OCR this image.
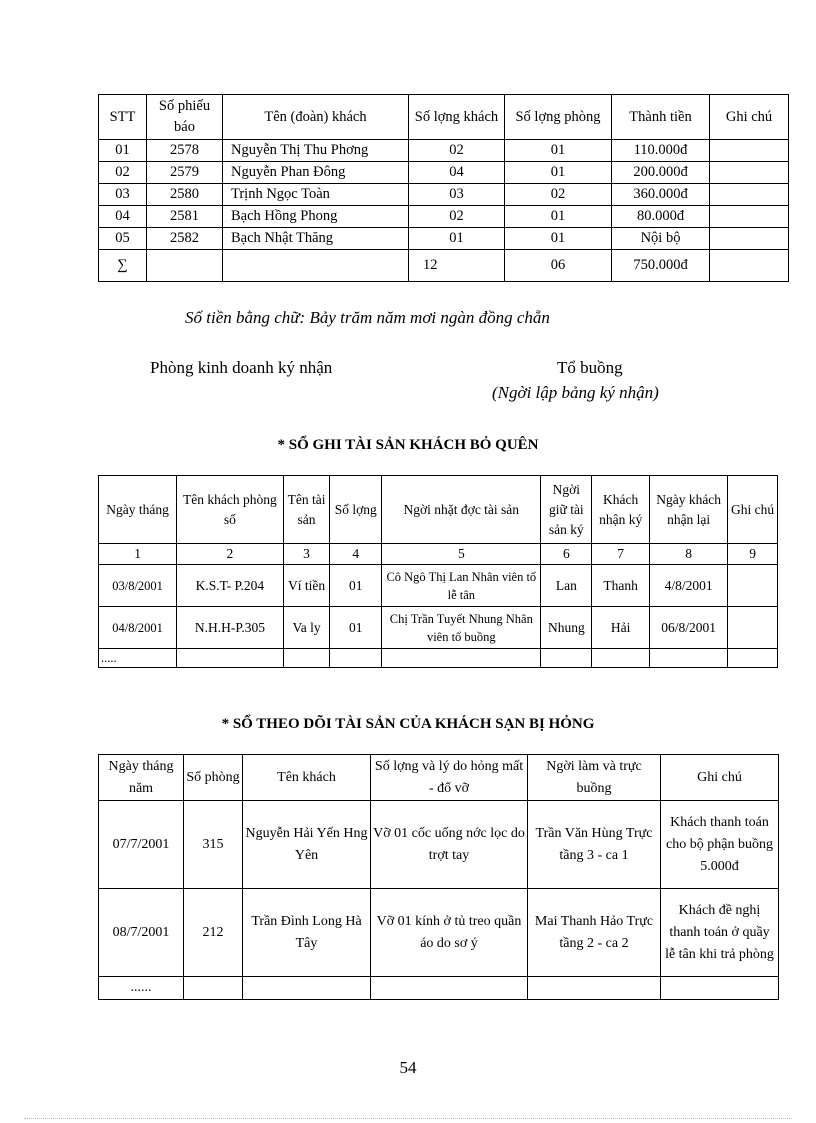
STT	Số phiếu báo	Tên (đoàn) khách	Số lợng khách	Số lợng phòng	Thành tiền	Ghi chú
01	2578	Nguyễn Thị Thu Phơng	02	01	110.000đ	
02	2579	Nguyễn Phan Đông	04	01	200.000đ	
03	2580	Trịnh Ngọc Toàn	03	02	360.000đ	
04	2581	Bạch Hồng Phong	02	01	80.000đ	
05	2582	Bạch Nhật Thăng	01	01	Nội bộ	
∑			12	06	750.000đ	
Số tiền bằng chữ: Bảy trăm năm mơi ngàn đồng chẵn
Phòng kinh doanh ký nhận	Tổ buồng
(Ngời lập bảng ký nhận)
* SỔ GHI TÀI SẢN KHÁCH BỎ QUÊN
Ngày tháng	Tên khách phòng số	Tên tài sản	Số lợng	Ngời nhặt đợc tài sản	Ngời giữ tài sản ký	Khách nhận ký	Ngày khách nhận lại	Ghi chú
1	2	3	4	5	6	7	8	9
03/8/2001	K.S.T- P.204	Ví tiền	01	Cô Ngô Thị Lan Nhân viên tổ lễ tân	Lan	Thanh	4/8/2001	
04/8/2001	N.H.H-P.305	Va ly	01	Chị Trần Tuyết Nhung Nhân viên tổ buồng	Nhung	Hải	06/8/2001	
.....								
* SỔ THEO DÕI TÀI SẢN CỦA KHÁCH SẠN BỊ HỎNG
Ngày tháng năm	Số phòng	Tên khách	Số lợng và lý do hỏng mất - đổ vỡ	Ngời làm và trực buồng	Ghi chú
07/7/2001	315	Nguyễn Hải Yến Hng Yên	Vỡ 01 cốc uống nớc lọc do trợt tay	Trần Văn Hùng Trực tầng 3 - ca 1	Khách thanh toán cho bộ phận buồng 5.000đ
08/7/2001	212	Trần Đình Long Hà Tây	Vỡ 01 kính ở tủ treo quần áo do sơ ý	Mai Thanh Hảo Trực tầng 2 - ca 2	Khách đề nghị thanh toán ở quầy lễ tân khi trả phòng
......					
54
